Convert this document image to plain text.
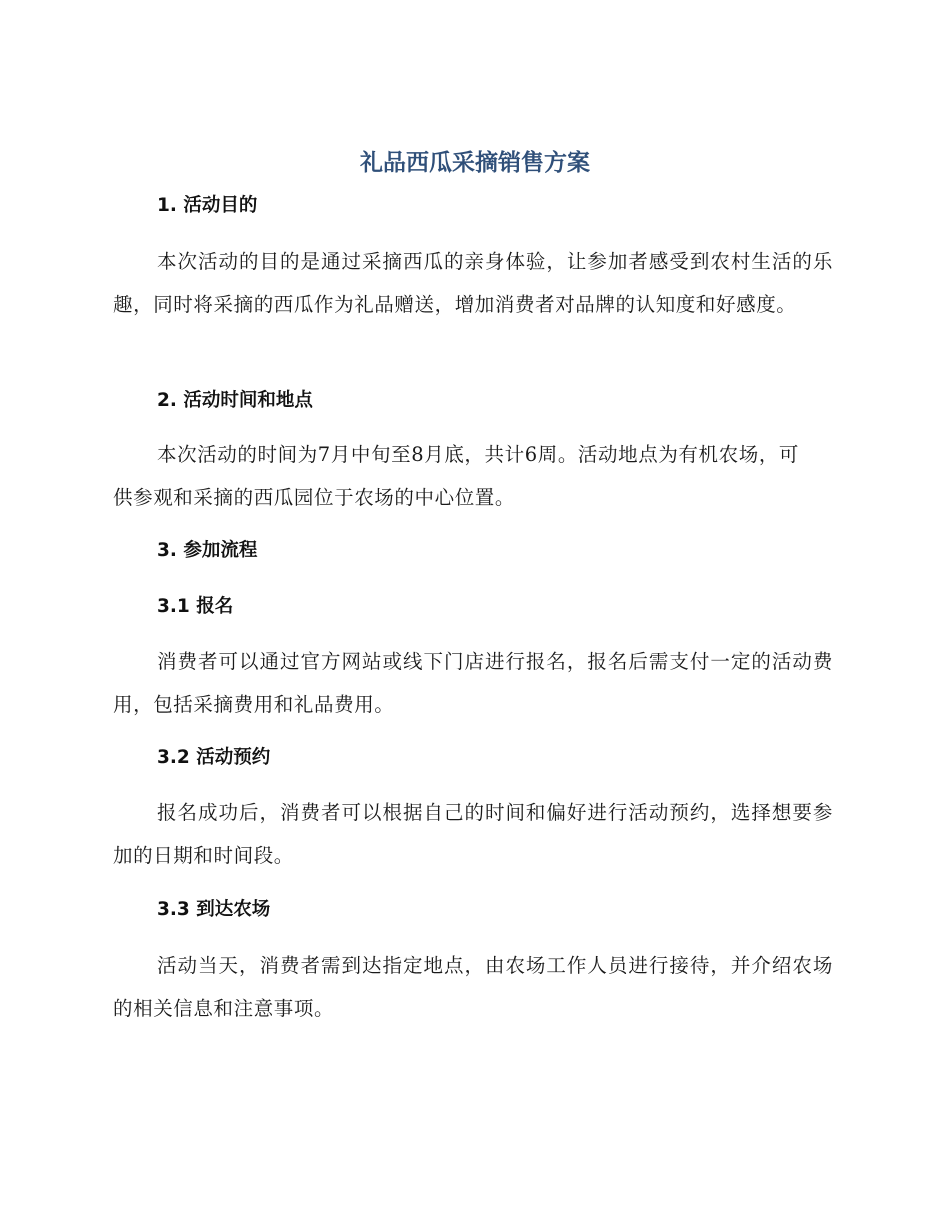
礼品西瓜采摘销售方案
1. 活动目的

本次活动的目的是通过采摘西瓜的亲身体验，让参加者感受到农村生活的乐趣，同时将采摘的西瓜作为礼品赠送，增加消费者对品牌的认知度和好感度。

2. 活动时间和地点

本次活动的时间为7月中旬至8月底，共计6周。活动地点为有机农场，可供参观和采摘的西瓜园位于农场的中心位置。

3. 参加流程
3.1 报名

消费者可以通过官方网站或线下门店进行报名，报名后需支付一定的活动费用，包括采摘费用和礼品费用。

3.2 活动预约

报名成功后，消费者可以根据自己的时间和偏好进行活动预约，选择想要参加的日期和时间段。

3.3 到达农场

活动当天，消费者需到达指定地点，由农场工作人员进行接待，并介绍农场的相关信息和注意事项。
